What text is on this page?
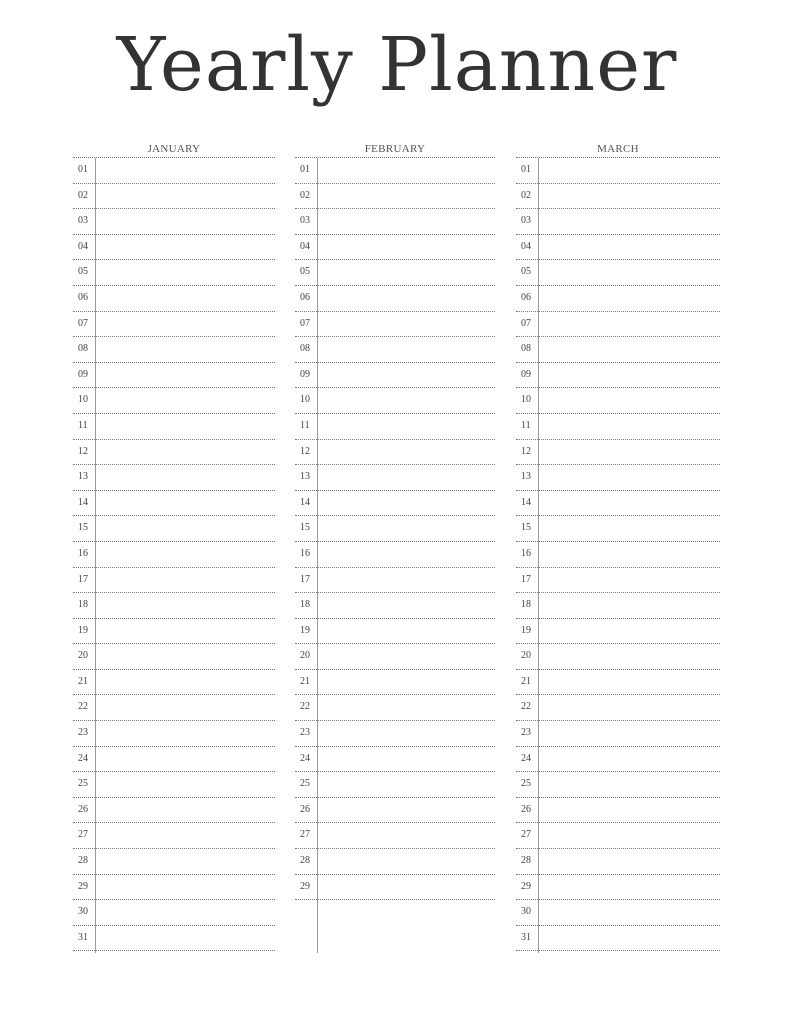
Yearly Planner
JANUARY
01
02
03
04
05
06
07
08
09
10
11
12
13
14
15
16
17
18
19
20
21
22
23
24
25
26
27
28
29
30
31
FEBRUARY
01
02
03
04
05
06
07
08
09
10
11
12
13
14
15
16
17
18
19
20
21
22
23
24
25
26
27
28
29
MARCH
01
02
03
04
05
06
07
08
09
10
11
12
13
14
15
16
17
18
19
20
21
22
23
24
25
26
27
28
29
30
31
